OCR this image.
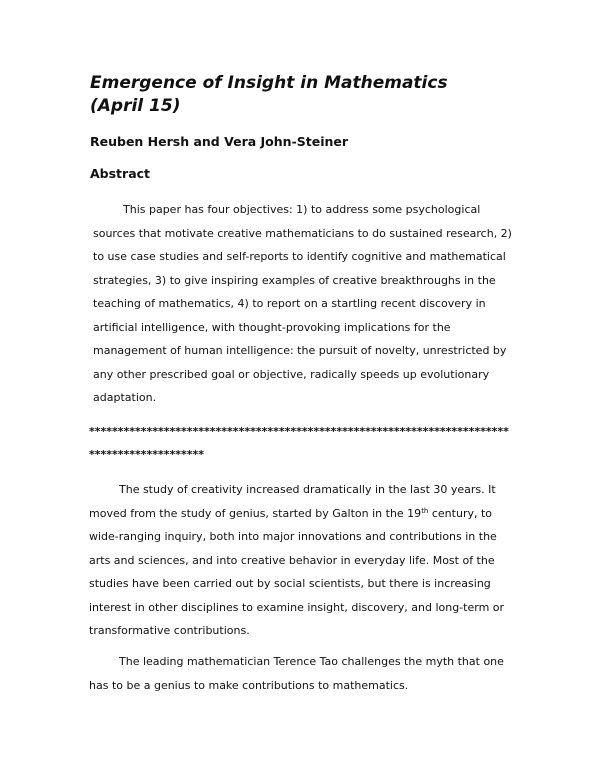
Emergence of Insight in Mathematics
(April 15)

Reuben Hersh and Vera John-Steiner

Abstract

This paper has four objectives: 1) to address some psychological sources that motivate creative mathematicians to do sustained research, 2) to use case studies and self-reports to identify cognitive and mathematical strategies, 3) to give inspiring examples of creative breakthroughs in the teaching of mathematics, 4) to report on a startling recent discovery in artificial intelligence, with thought-provoking implications for the management of human intelligence: the pursuit of novelty, unrestricted by any other prescribed goal or objective, radically speeds up evolutionary adaptation.

*********************************************************************************************

The study of creativity increased dramatically in the last 30 years. It moved from the study of genius, started by Galton in the 19th century, to wide-ranging inquiry, both into major innovations and contributions in the arts and sciences, and into creative behavior in everyday life. Most of the studies have been carried out by social scientists, but there is increasing interest in other disciplines to examine insight, discovery, and long-term or transformative contributions.

The leading mathematician Terence Tao challenges the myth that one has to be a genius to make contributions to mathematics.
